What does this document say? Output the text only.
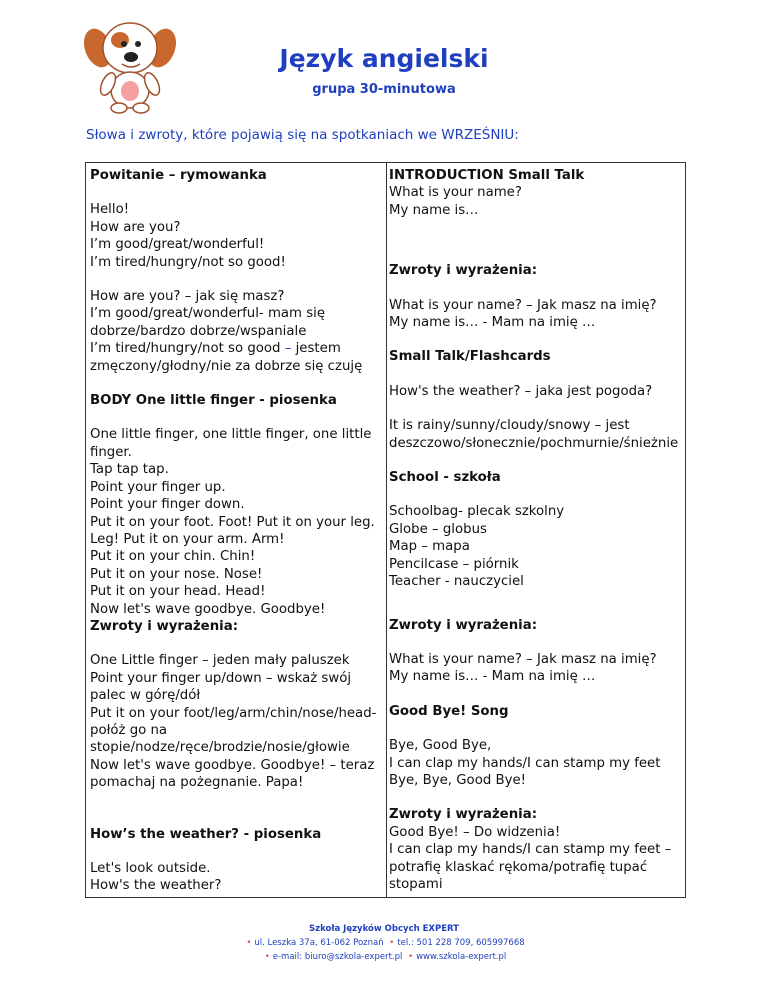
Język angielski
grupa 30-minutowa
Słowa i zwroty, które pojawią się na spotkaniach we WRZEŚNIU:
Powitanie – rymowanka
Hello!
How are you?
I’m good/great/wonderful!
I’m tired/hungry/not so good!
How are you? – jak się masz?
I’m good/great/wonderful- mam się
dobrze/bardzo dobrze/wspaniale
I’m tired/hungry/not so good – jestem
zmęczony/głodny/nie za dobrze się czuję
BODY One little finger - piosenka
One little finger, one little finger, one little
finger.
Tap tap tap.
Point your finger up.
Point your finger down.
Put it on your foot. Foot! Put it on your leg.
Leg! Put it on your arm. Arm!
Put it on your chin. Chin!
Put it on your nose. Nose!
Put it on your head. Head!
Now let's wave goodbye. Goodbye!
Zwroty i wyrażenia:
One Little finger – jeden mały paluszek
Point your finger up/down – wskaż swój
palec w górę/dół
Put it on your foot/leg/arm/chin/nose/head-
połóż go na
stopie/nodze/ręce/brodzie/nosie/głowie
Now let's wave goodbye. Goodbye! – teraz
pomachaj na pożegnanie. Papa!
How’s the weather? - piosenka
Let's look outside.
How's the weather?
INTRODUCTION Small Talk
What is your name?
My name is…
Zwroty i wyrażenia:
What is your name? – Jak masz na imię?
My name is… - Mam na imię …
Small Talk/Flashcards
How's the weather? – jaka jest pogoda?
It is rainy/sunny/cloudy/snowy – jest
deszczowo/słonecznie/pochmurnie/śnieżnie
School - szkoła
Schoolbag- plecak szkolny
Globe – globus
Map – mapa
Pencilcase – piórnik
Teacher - nauczyciel
Zwroty i wyrażenia:
What is your name? – Jak masz na imię?
My name is… - Mam na imię …
Good Bye! Song
Bye, Good Bye,
I can clap my hands/I can stamp my feet
Bye, Bye, Good Bye!
Zwroty i wyrażenia:
Good Bye! – Do widzenia!
I can clap my hands/I can stamp my feet –
potrafię klaskać rękoma/potrafię tupać
stopami
Szkoła Języków Obcych EXPERT
• ul. Leszka 37a, 61-062 Poznań • tel.: 501 228 709, 605997668
• e-mail: biuro@szkola-expert.pl • www.szkola-expert.pl
